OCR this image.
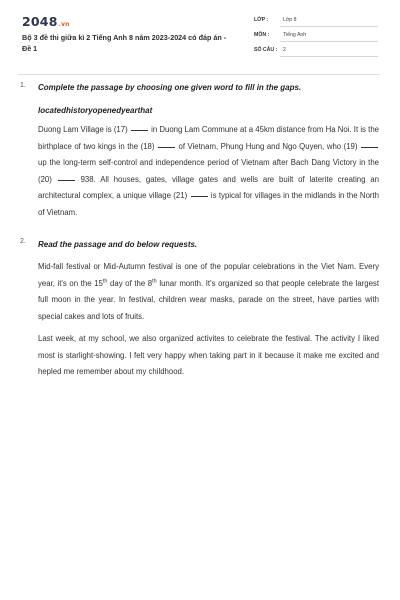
2048.vn
Bộ 3 đề thi giữa kì 2 Tiếng Anh 8 năm 2023-2024 có đáp án - Đề 1
LỚP :	Lớp 8
MÔN :	Tiếng Anh
SỐ CÂU : 2
1. Complete the passage by choosing one given word to fill in the gaps.
locatedhistoryopenedyearthat

Duong Lam Village is (17)	in Duong Lam Commune at a 45km distance from Ha Noi. It is the birthplace of two kings in the (18)	of Vietnam, Phung Hung and Ngo Quyen, who (19)  up the long-term self-control and independence period of Vietnam after Bach Dang Victory in the (20)	938. All houses, gates, village gates and wells are built of laterite creating an architectural complex, a unique village (21)	is typical for villages in the midlands in the North of Vietnam.

2. Read the passage and do below requests.

Mid-fall festival or Mid-Autumn festival is one of the popular celebrations in the Viet Nam. Every year, it's on the 15th day of the 8th lunar month. It's organized so that people celebrate the largest full moon in the year. In festival, children wear masks, parade on the street, have parties with special cakes and lots of fruits.

Last week, at my school, we also organized activites to celebrate the festival. The activity I liked most is starlight-showing. I felt very happy when taking part in it because it make me excited and hepled me remember about my childhood.
